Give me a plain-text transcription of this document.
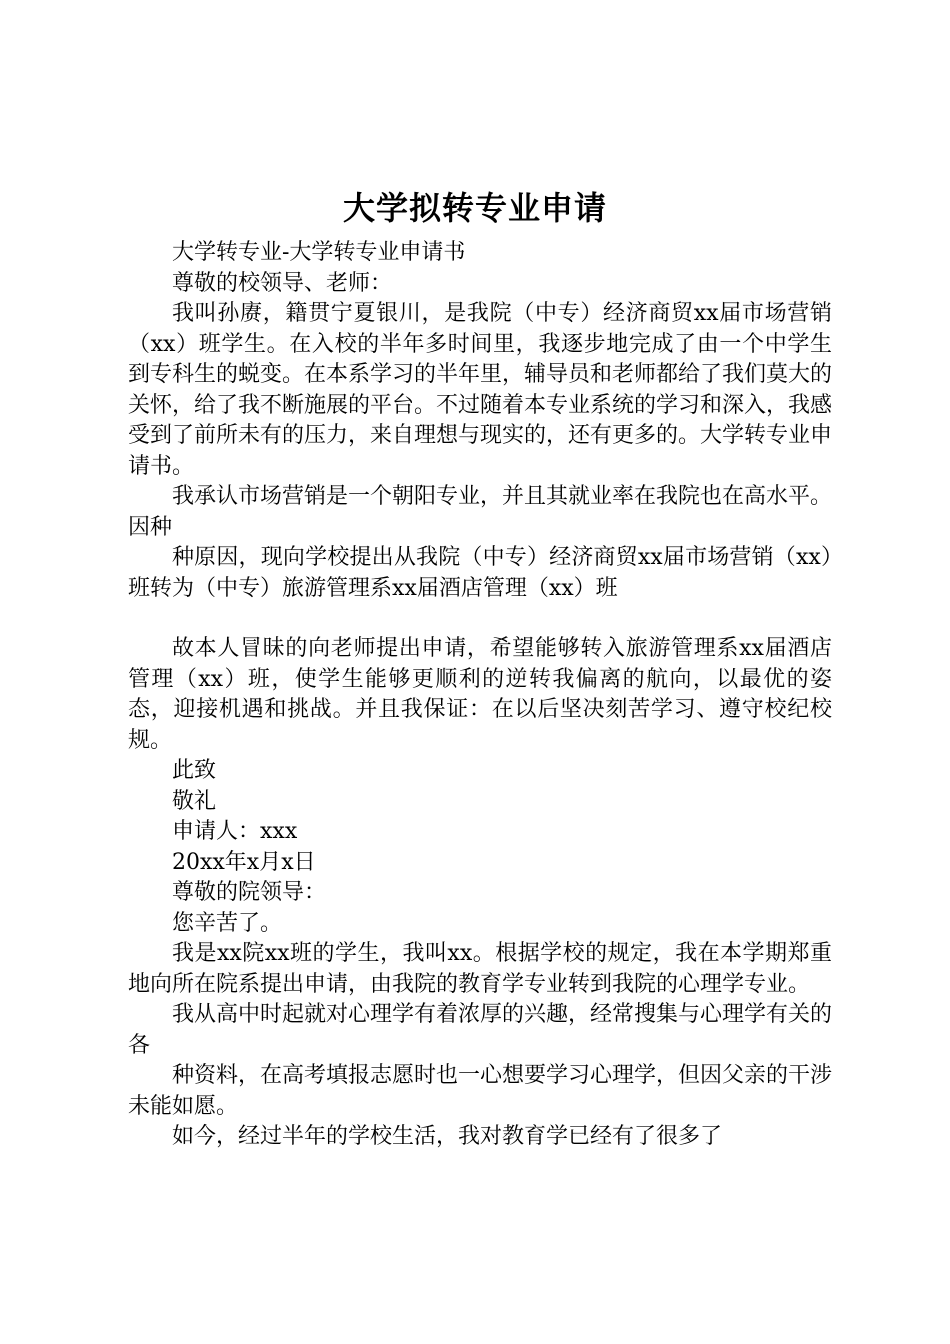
大学拟转专业申请

大学转专业-大学转专业申请书

尊敬的校领导、老师：

我叫孙赓，籍贯宁夏银川，是我院（中专）经济商贸xx届市场营销（xx）班学生。在入校的半年多时间里，我逐步地完成了由一个中学生到专科生的蜕变。在本系学习的半年里，辅导员和老师都给了我们莫大的关怀，给了我不断施展的平台。不过随着本专业系统的学习和深入，我感受到了前所未有的压力，来自理想与现实的，还有更多的。大学转专业申请书。

我承认市场营销是一个朝阳专业，并且其就业率在我院也在高水平。因种

种原因，现向学校提出从我院（中专）经济商贸xx届市场营销（xx）班转为（中专）旅游管理系xx届酒店管理（xx）班

故本人冒昧的向老师提出申请，希望能够转入旅游管理系xx届酒店管理（xx）班，使学生能够更顺利的逆转我偏离的航向，以最优的姿态，迎接机遇和挑战。并且我保证：在以后坚决刻苦学习、遵守校纪校规。

此致

敬礼

申请人：xxx

20xx年x月x日

尊敬的院领导：

您辛苦了。

我是xx院xx班的学生，我叫xx。根据学校的规定，我在本学期郑重地向所在院系提出申请，由我院的教育学专业转到我院的心理学专业。

我从高中时起就对心理学有着浓厚的兴趣，经常搜集与心理学有关的各

种资料，在高考填报志愿时也一心想要学习心理学，但因父亲的干涉未能如愿。

如今，经过半年的学校生活，我对教育学已经有了很多了
